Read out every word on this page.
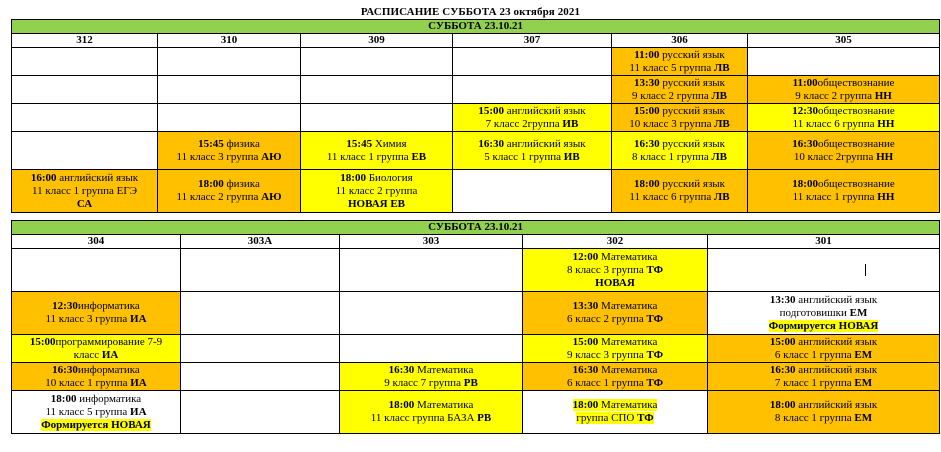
РАСПИСАНИЕ СУББОТА 23 октября 2021
СУББОТА 23.10.21					
312	310	309	307	306	305

				11:00 русский язык
11 класс 5 группа ЛВ	

				13:30 русский язык
9 класс 2 группа ЛВ	11:00обществознание
9 класс 2 группа НН

			15:00 английский язык
7 класс 2группа ИВ	15:00 русский язык
10 класс 3 группа ЛВ	12:30обществознание
11 класс 6 группа НН

	15:45 физика
11 класс 3 группа АЮ	15:45 Химия
11 класс 1 группа ЕВ	16:30 английский язык
5 класс 1 группа ИВ	16:30 русский язык
8 класс 1 группа ЛВ	16:30обществознание
10 класс 2группа НН

16:00 английский язык
11 класс 1 группа ЕГЭ
СА	18:00 физика
11 класс 2 группа АЮ	18:00 Биология
11 класс 2 группа
НОВАЯ ЕВ		18:00 русский язык
11 класс 6 группа ЛВ	18:00обществознание
11 класс 1 группа НН
СУББОТА 23.10.21				
304	303А	303	302	301

			12:00 Математика
8 класс 3 группа ТФ
НОВАЯ	

12:30информатика
11 класс 3 группа ИА			13:30 Математика
6 класс 2 группа ТФ	13:30 английский язык
подготовишки ЕМ
Формируется НОВАЯ

15:00программирование 7-9
класс ИА			15:00 Математика
9 класс 3 группа ТФ	15:00 английский язык
6 класс 1 группа ЕМ

16:30информатика
10 класс 1 группа ИА		16:30 Математика
9 класс 7 группа РВ	16:30 Математика
6 класс 1 группа ТФ	16:30 английский язык
7 класс 1 группа ЕМ

18:00 информатика
11 класс 5 группа ИА
Формируется НОВАЯ		18:00 Математика
11 класс группа БАЗА РВ	18:00 Математика
группа СПО ТФ	18:00 английский язык
8 класс 1 группа ЕМ
